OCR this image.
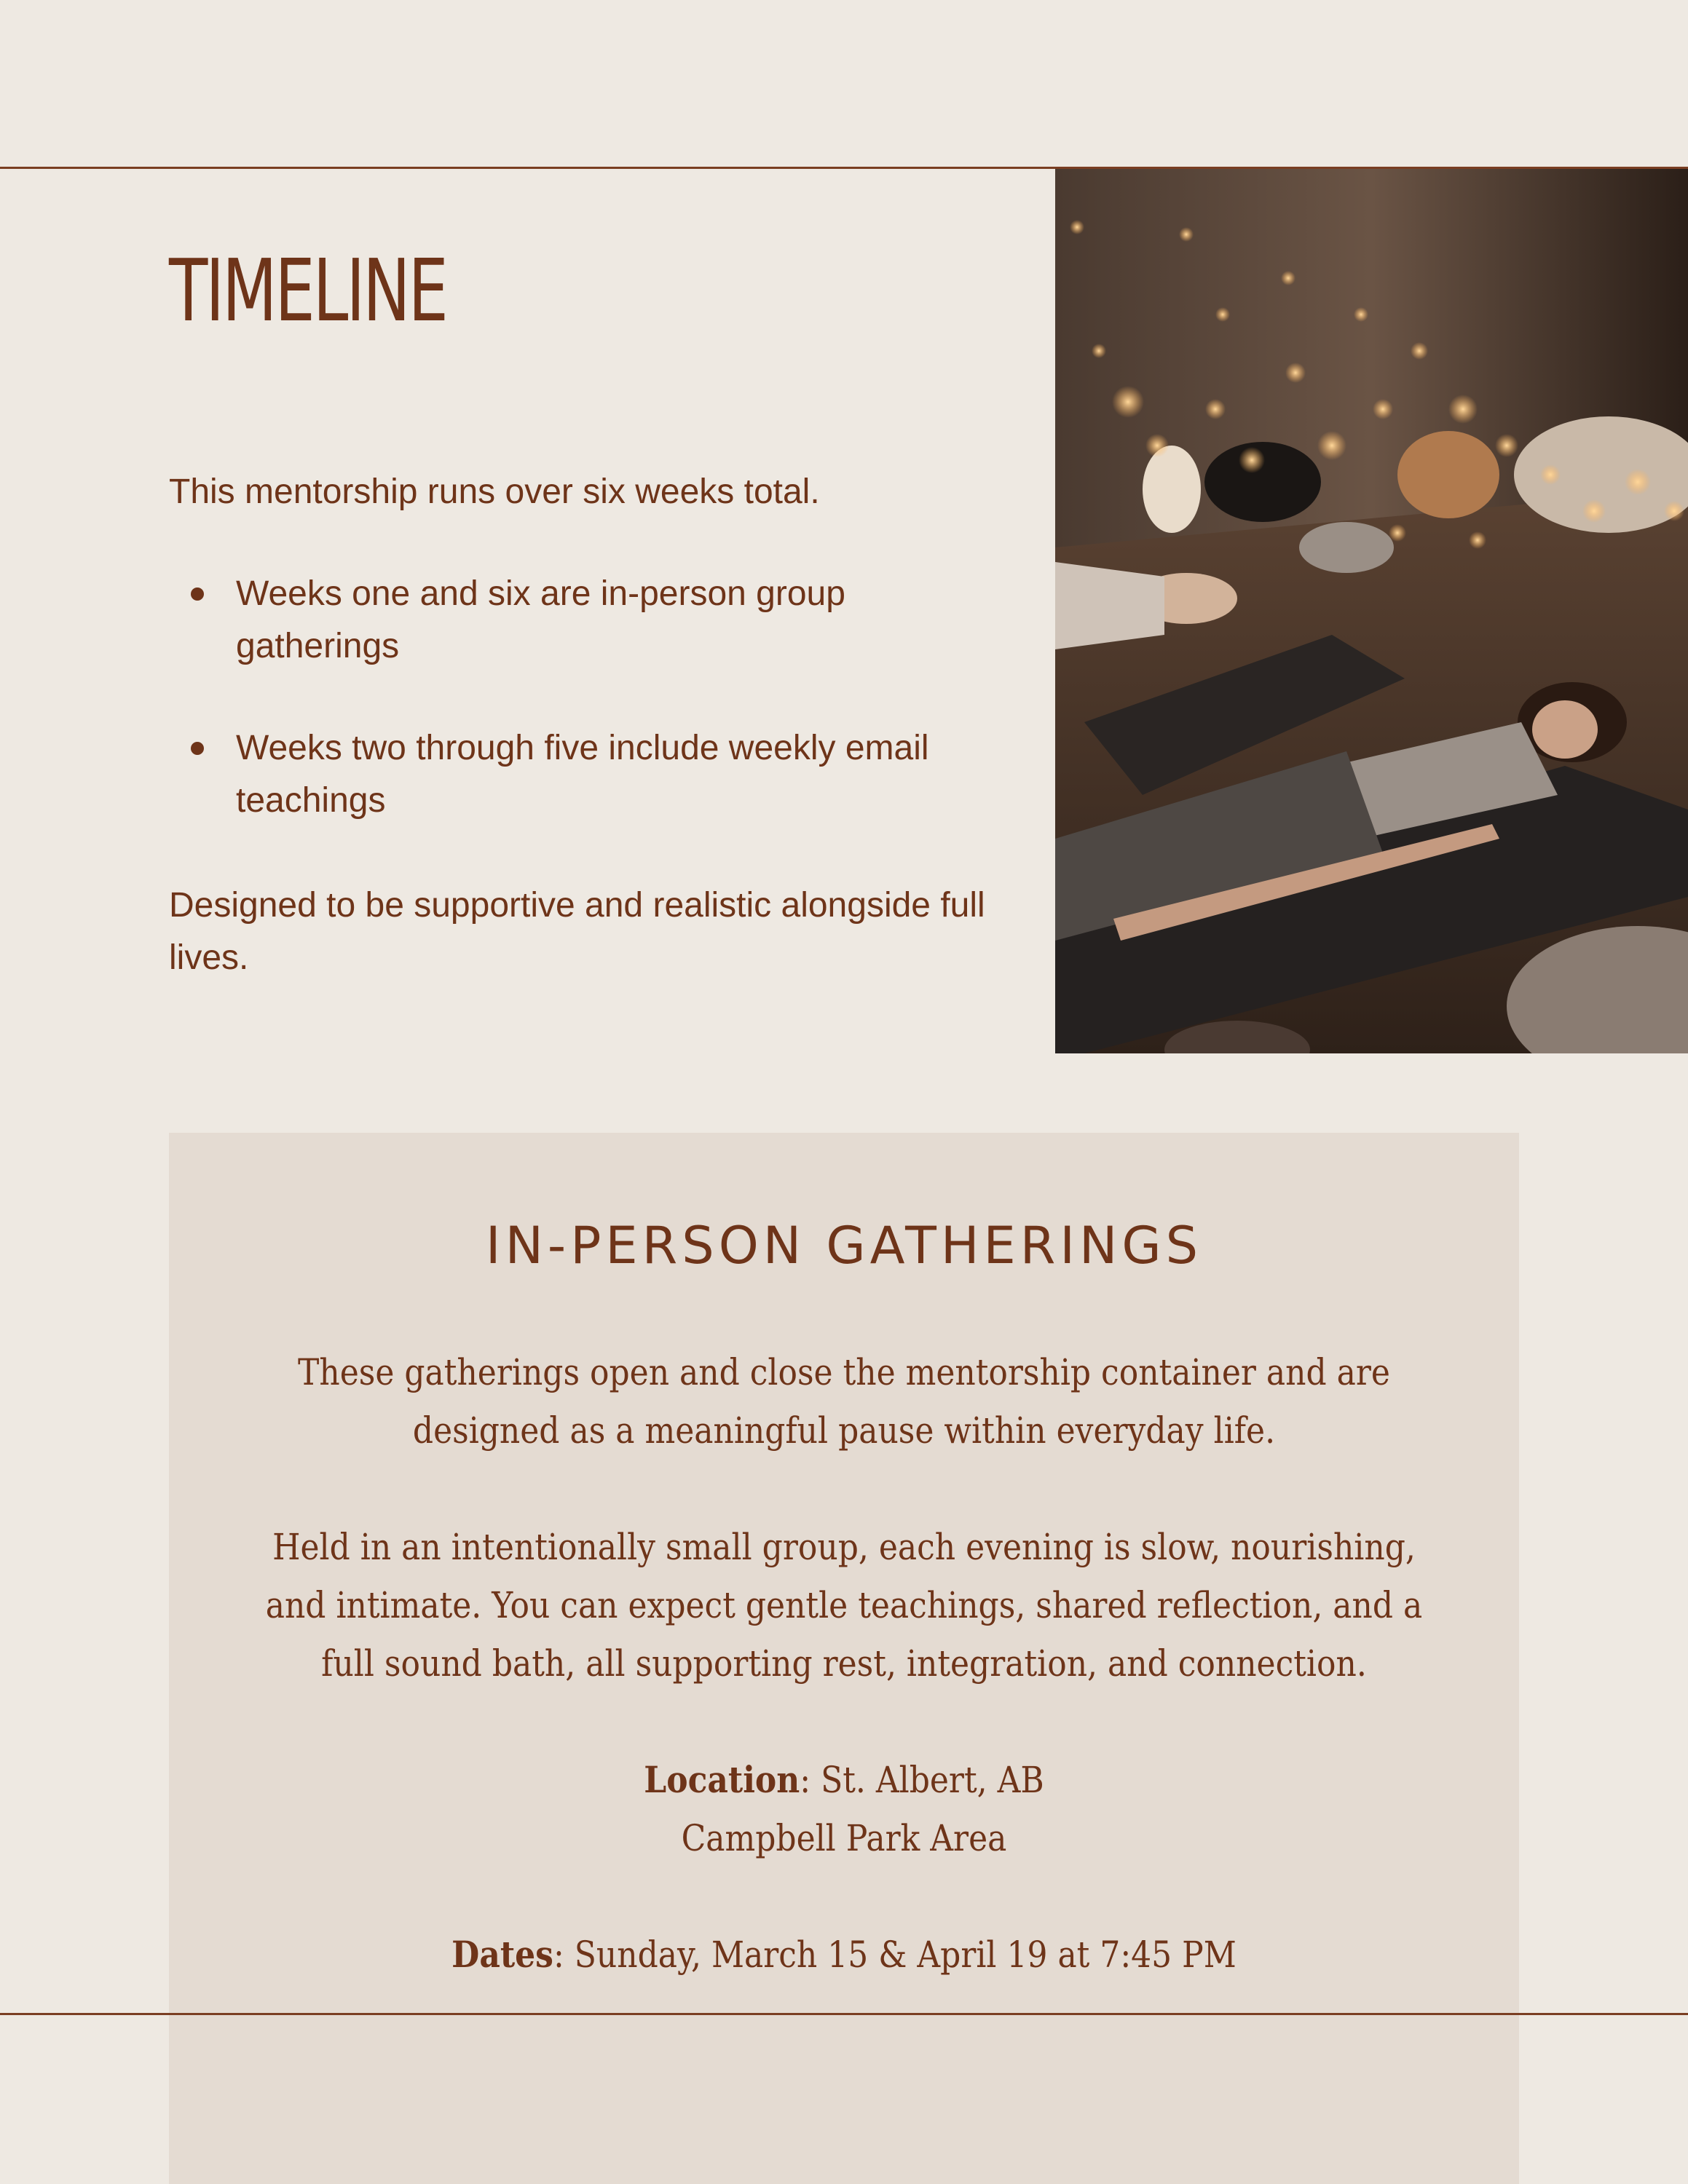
TIMELINE

This mentorship runs over six weeks total.

Weeks one and six are in-person group gatherings
Weeks two through five include weekly email teachings

Designed to be supportive and realistic alongside full lives.

IN-PERSON GATHERINGS

These gatherings open and close the mentorship container and are designed as a meaningful pause within everyday life.

Held in an intentionally small group, each evening is slow, nourishing, and intimate. You can expect gentle teachings, shared reflection, and a full sound bath, all supporting rest, integration, and connection.

Location: St. Albert, AB
Campbell Park Area
Dates: Sunday, March 15 & April 19 at 7:45 PM
